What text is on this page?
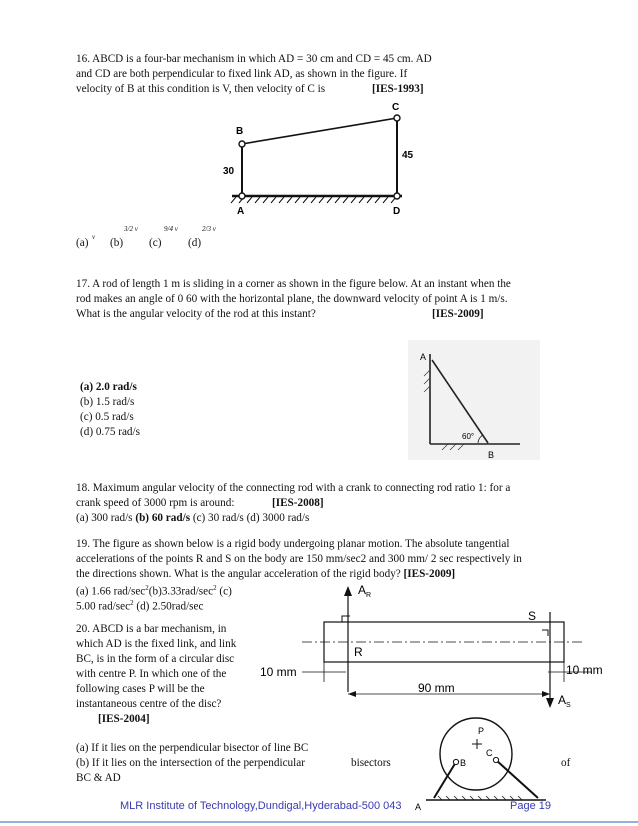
16. ABCD is a four-bar mechanism in which AD = 30 cm and CD = 45 cm. AD
and CD are both perpendicular to fixed link AD, as shown in the figure. If
velocity of B at this condition is V, then velocity of C is	[IES-1993]
B
C
A	D
30
45
(a) v (b)
3/2 v
(c)
9/4 v
(d)
2/3 v
17. A rod of length 1 m is sliding in a corner as shown in the figure below. At an instant when the
rod makes an angle of 0 60 with the horizontal plane, the downward velocity of point A is 1 m/s.
What is the angular velocity of the rod at this instant?	[IES-2009]
(a) 2.0 rad/s
(b) 1.5 rad/s
(c) 0.5 rad/s
(d) 0.75 rad/s
A
B
60°
18. Maximum angular velocity of the connecting rod with a crank to connecting rod ratio 1: for a
crank speed of 3000 rpm is around:	[IES-2008]
(a) 300 rad/s (b) 60 rad/s (c) 30 rad/s (d) 3000 rad/s
19. The figure as shown below is a rigid body undergoing planar motion. The absolute tangential
accelerations of the points R and S on the body are 150 mm/sec2 and 300 mm/ 2 sec respectively in
the directions shown. What is the angular acceleration of the rigid body? [IES-2009]
(a) 1.66 rad/$\sec^2(b)3.33rad/\sec^2$ (c)
5.00 rad/$\sec^2$ (d) 2.50rad/sec
$A_R$
R
S
$A_S$
10 mm	10 mm
90 mm
20. ABCD is a bar mechanism, in
which AD is the fixed link, and link
BC, is in the form of a circular disc
with centre P. In which one of the
following cases P will be the
instantaneous centre of the disc?
[IES-2004]
(a) If it lies on the perpendicular bisector of line BC
(b) If it lies on the intersection of the perpendicular	bisectors	of
BC & AD
P
B
C
A
MLR Institute of Technology,Dundigal,Hyderabad-500 043	Page 19
